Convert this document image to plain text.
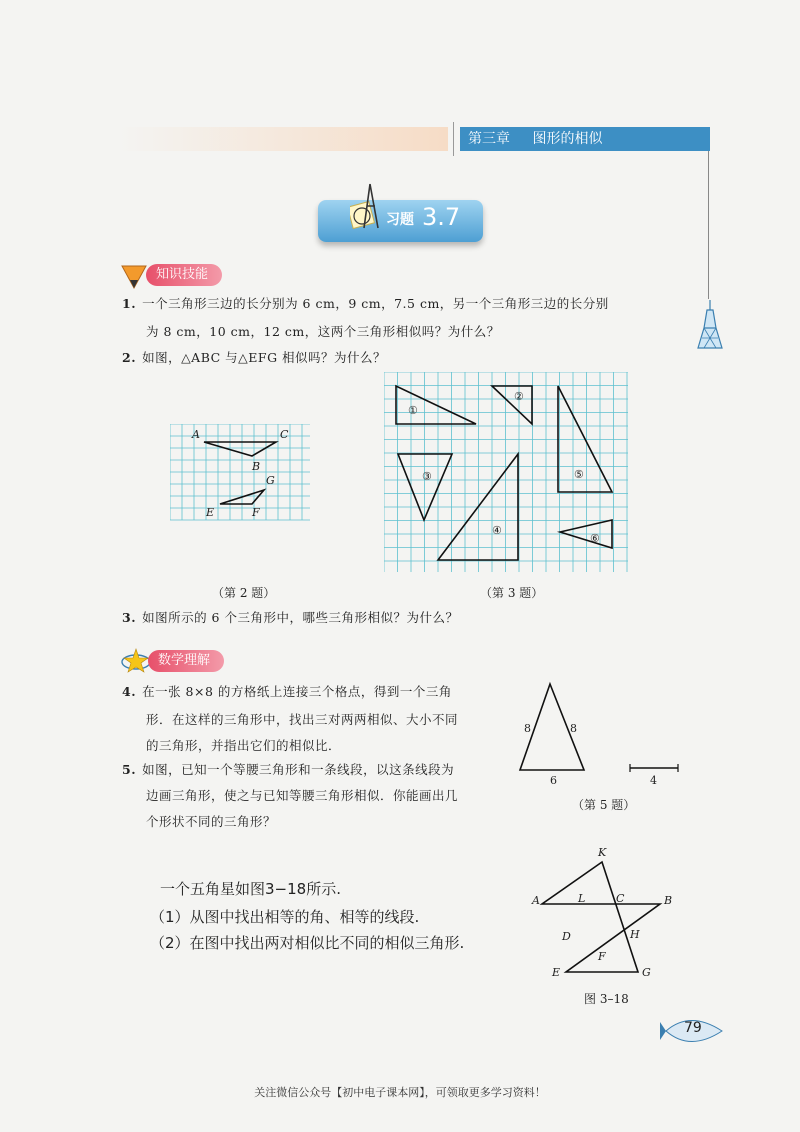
第三章 图形的相似
习题 3.7
知识技能
1. 一个三角形三边的长分别为 6 cm，9 cm，7.5 cm，另一个三角形三边的长分别
为 8 cm，10 cm，12 cm，这两个三角形相似吗？为什么？
2. 如图，△ABC 与△EFG 相似吗？为什么？
A	C
B
G
E	F
（第 2 题）
①
②
③
④
⑤
⑥
（第 3 题）
3. 如图所示的 6 个三角形中，哪些三角形相似？为什么？
数学理解
4. 在一张 8×8 的方格纸上连接三个格点，得到一个三角
形．在这样的三角形中，找出三对两两相似、大小不同
的三角形，并指出它们的相似比．
5. 如图，已知一个等腰三角形和一条线段，以这条线段为
边画三角形，使之与已知等腰三角形相似．你能画出几
个形状不同的三角形？
8	8
6	4
（第 5 题）
一个五角星如图3−18所示.
（1）从图中找出相等的角、相等的线段.
（2）在图中找出两对相似比不同的相似三角形.
K
A	L	C	B
D	H
F
E	G
图 3–18
79
关注微信公众号【初中电子课本网】，可领取更多学习资料！
